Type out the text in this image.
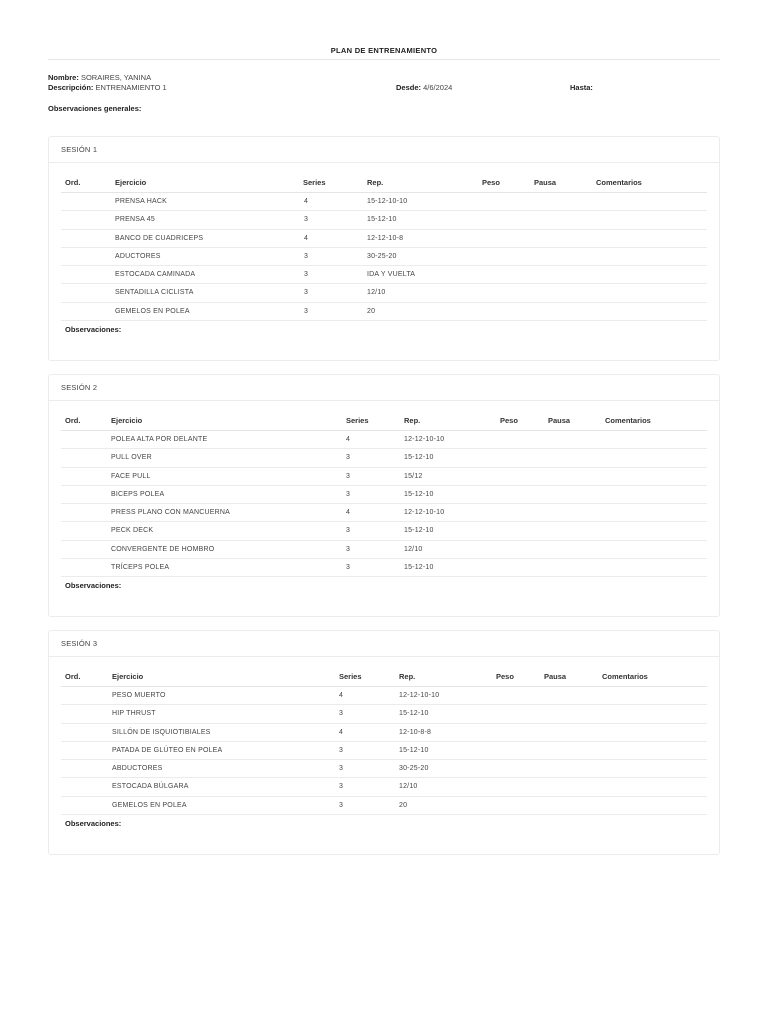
PLAN DE ENTRENAMIENTO
Nombre: SORAIRES, YANINA
Descripción: ENTRENAMIENTO 1	Desde: 4/6/2024	Hasta:
Observaciones generales:
SESIÓN 1
Ord.	Ejercicio	Series	Rep.	Peso	Pausa	Comentarios
PRENSA HACK	4	15-12-10-10
PRENSA 45	3	15-12-10
BANCO DE CUADRICEPS	4	12-12-10-8
ADUCTORES	3	30-25-20
ESTOCADA CAMINADA	3	IDA Y VUELTA
SENTADILLA CICLISTA	3	12/10
GEMELOS EN POLEA	3	20
Observaciones:
SESIÓN 2
Ord.	Ejercicio	Series	Rep.	Peso	Pausa	Comentarios
POLEA ALTA POR DELANTE	4	12-12-10-10
PULL OVER	3	15-12-10
FACE PULL	3	15/12
BICEPS POLEA	3	15-12-10
PRESS PLANO CON MANCUERNA	4	12-12-10-10
PECK DECK	3	15-12-10
CONVERGENTE DE HOMBRO	3	12/10
TRÍCEPS POLEA	3	15-12-10
Observaciones:
SESIÓN 3
Ord.	Ejercicio	Series	Rep.	Peso	Pausa	Comentarios
PESO MUERTO	4	12-12-10-10
HIP THRUST	3	15-12-10
SILLÓN DE ISQUIOTIBIALES	4	12-10-8-8
PATADA DE GLÚTEO EN POLEA	3	15-12-10
ABDUCTORES	3	30-25-20
ESTOCADA BÚLGARA	3	12/10
GEMELOS EN POLEA	3	20
Observaciones:
